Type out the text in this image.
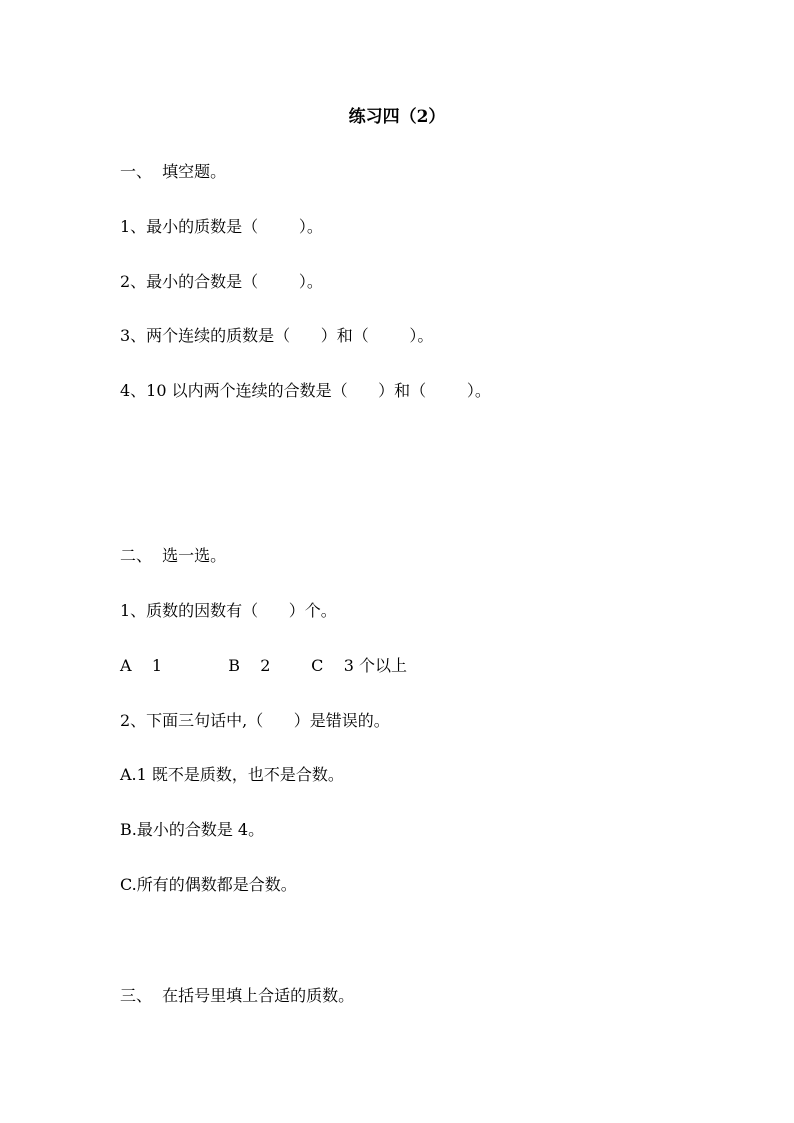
练习四（2）

一、  填空题。

1、最小的质数是（        ）。

2、最小的合数是（        ）。

3、两个连续的质数是（      ）和（        ）。

4、10 以内两个连续的合数是（      ）和（        ）。

二、  选一选。

1、质数的因数有（      ）个。

A    1             B    2        C    3 个以上

2、下面三句话中,（      ）是错误的。

A.1 既不是质数，也不是合数。

B.最小的合数是 4。

C.所有的偶数都是合数。

三、  在括号里填上合适的质数。
